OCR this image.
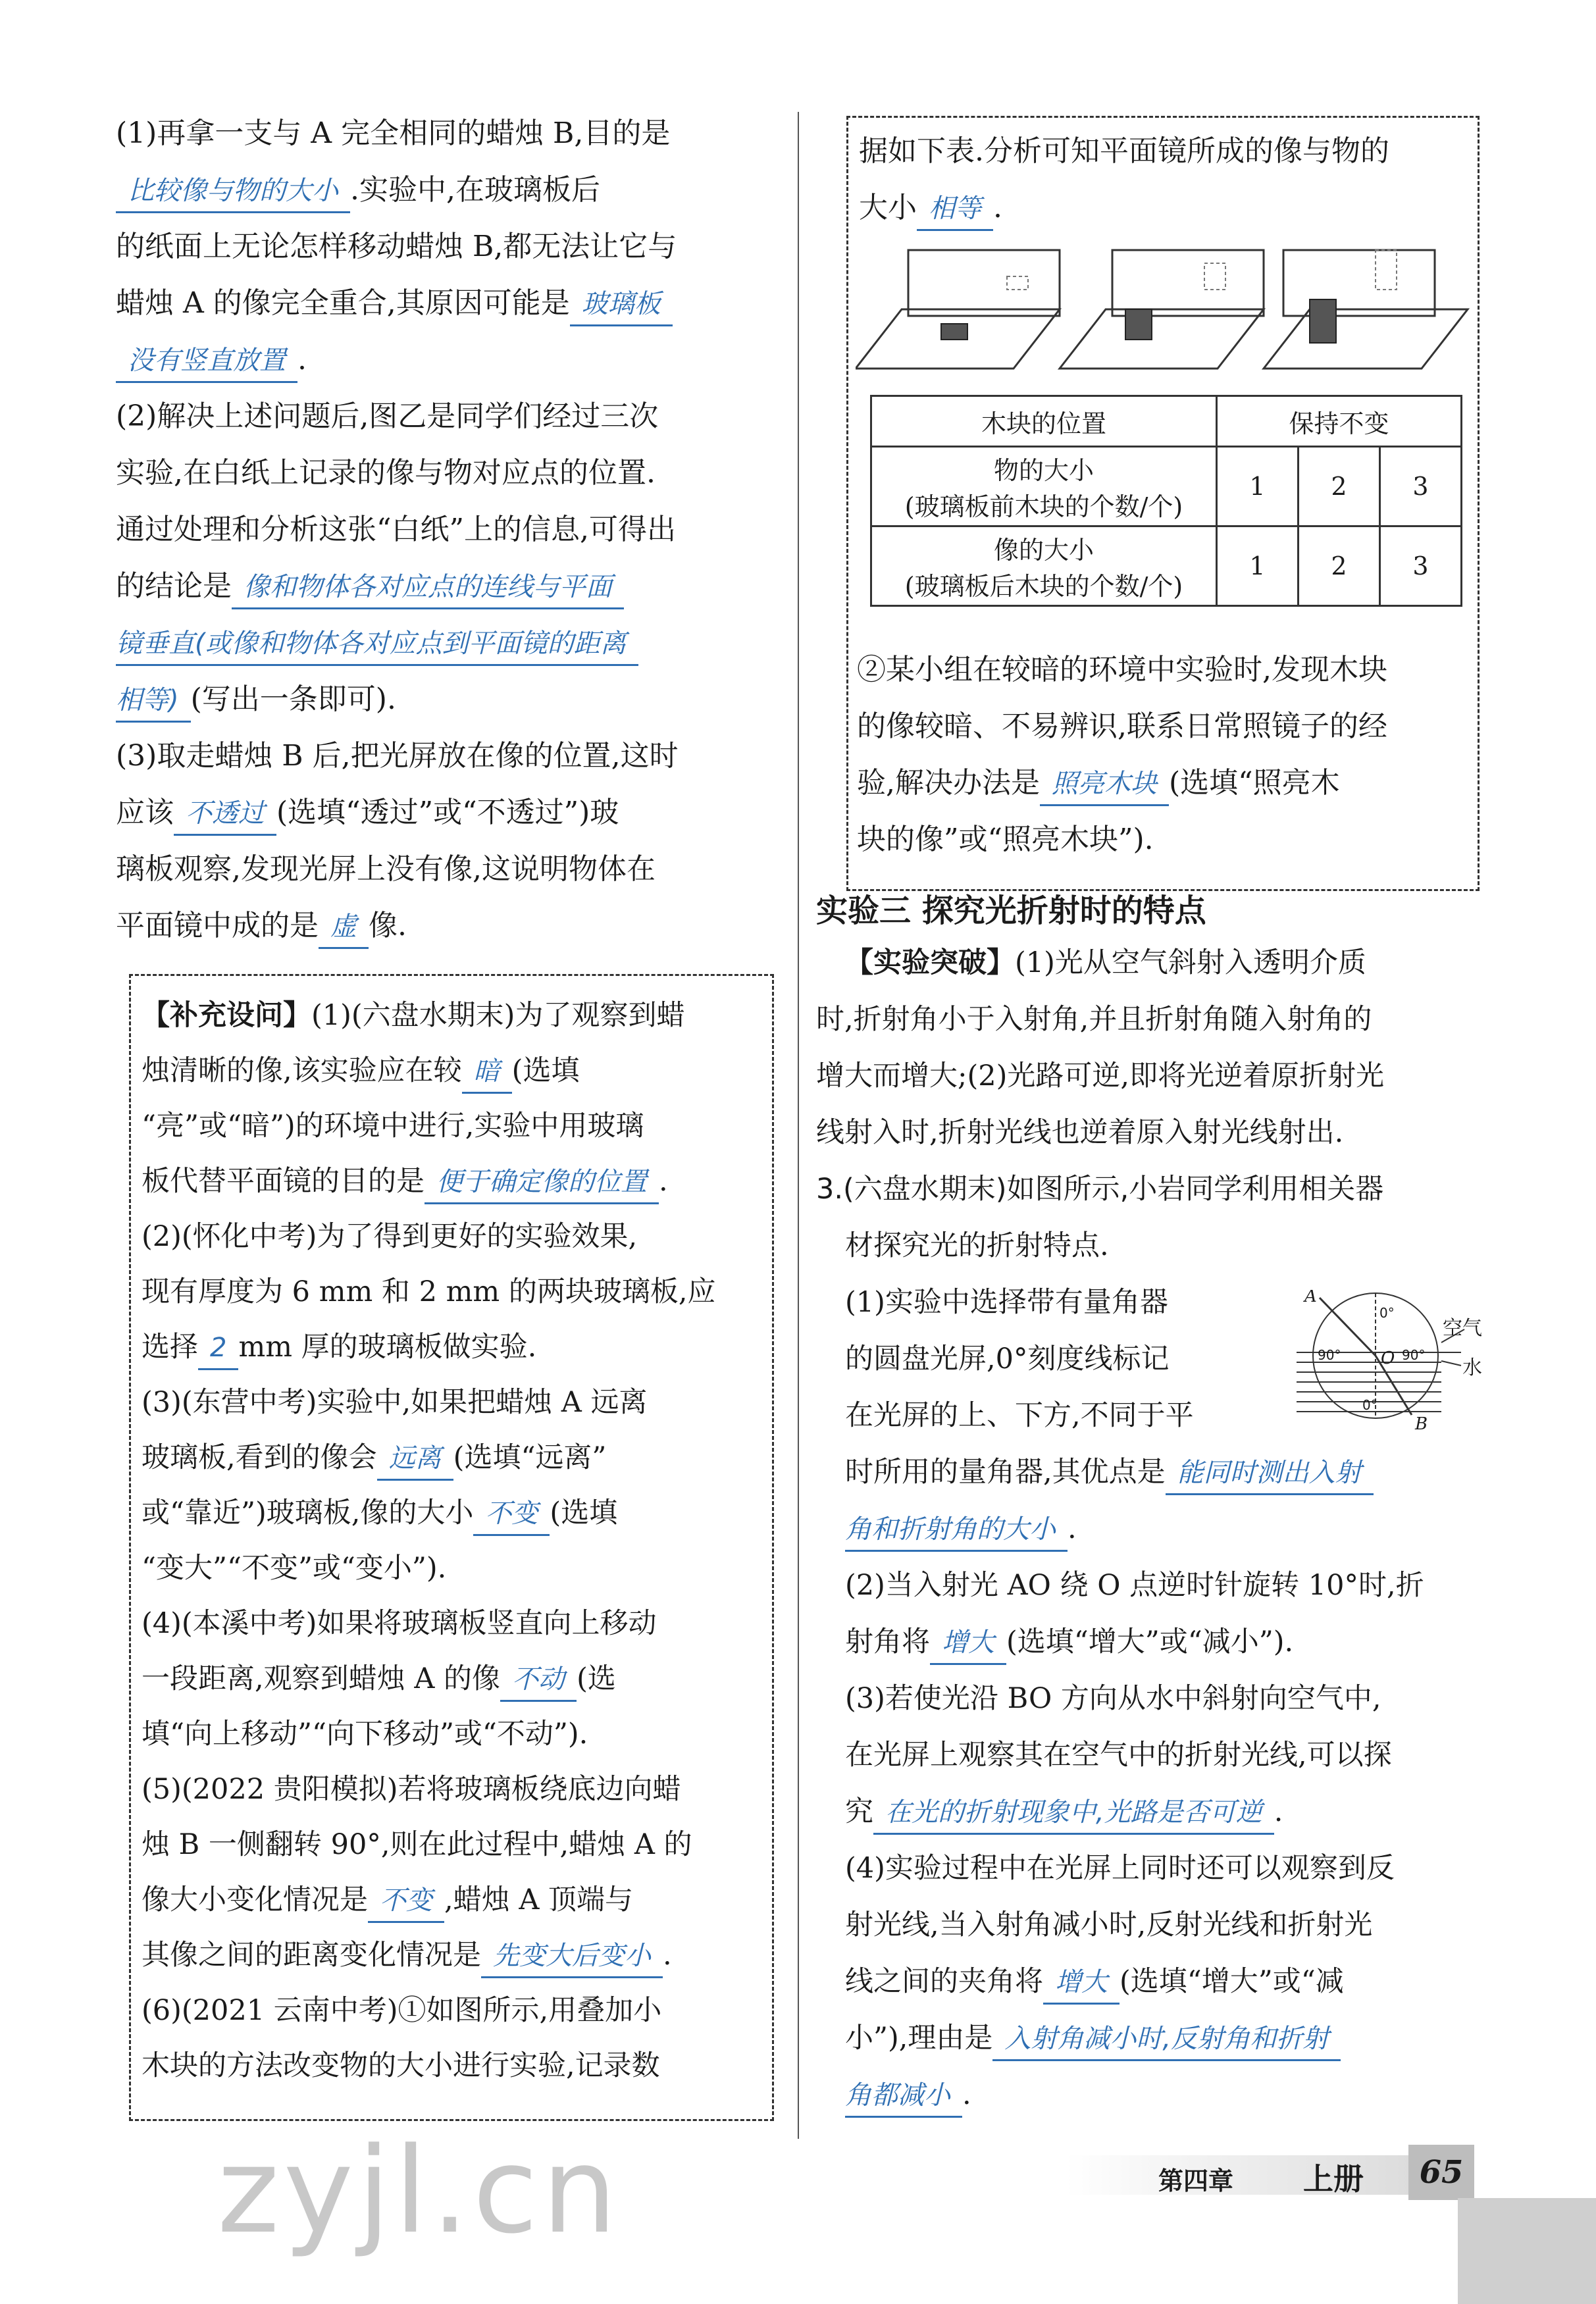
(1)再拿一支与 A 完全相同的蜡烛 B,目的是

比较像与物的大小 .实验中,在玻璃板后

的纸面上无论怎样移动蜡烛 B,都无法让它与

蜡烛 A 的像完全重合,其原因可能是 玻璃板

没有竖直放置 .

(2)解决上述问题后,图乙是同学们经过三次

实验,在白纸上记录的像与物对应点的位置.

通过处理和分析这张“白纸”上的信息,可得出

的结论是 像和物体各对应点的连线与平面

镜垂直(或像和物体各对应点到平面镜的距离

相等) (写出一条即可).

(3)取走蜡烛 B 后,把光屏放在像的位置,这时

应该 不透过 (选填“透过”或“不透过”)玻

璃板观察,发现光屏上没有像,这说明物体在

平面镜中成的是 虚 像.

【补充设问】(1)(六盘水期末)为了观察到蜡

烛清晰的像,该实验应在较 暗 (选填

“亮”或“暗”)的环境中进行,实验中用玻璃

板代替平面镜的目的是 便于确定像的位置 .

(2)(怀化中考)为了得到更好的实验效果,

现有厚度为 6 mm 和 2 mm 的两块玻璃板,应

选择 2 mm 厚的玻璃板做实验.

(3)(东营中考)实验中,如果把蜡烛 A 远离

玻璃板,看到的像会 远离 (选填“远离”

或“靠近”)玻璃板,像的大小 不变 (选填

“变大”“不变”或“变小”).

(4)(本溪中考)如果将玻璃板竖直向上移动

一段距离,观察到蜡烛 A 的像 不动 (选

填“向上移动”“向下移动”或“不动”).

(5)(2022 贵阳模拟)若将玻璃板绕底边向蜡

烛 B 一侧翻转 90°,则在此过程中,蜡烛 A 的

像大小变化情况是 不变 ,蜡烛 A 顶端与

其像之间的距离变化情况是 先变大后变小 .

(6)(2021 云南中考)①如图所示,用叠加小

木块的方法改变物的大小进行实验,记录数

据如下表.分析可知平面镜所成的像与物的

大小 相等 .

木块的位置	保持不变		

物的大小
(玻璃板前木块的个数/个)	1	2	3

像的大小
(玻璃板后木块的个数/个)	1	2	3

②某小组在较暗的环境中实验时,发现木块

的像较暗、不易辨识,联系日常照镜子的经

验,解决办法是 照亮木块 (选填“照亮木

块的像”或“照亮木块”).

实验三 探究光折射时的特点

【实验突破】(1)光从空气斜射入透明介质

时,折射角小于入射角,并且折射角随入射角的

增大而增大;(2)光路可逆,即将光逆着原折射光

线射入时,折射光线也逆着原入射光线射出.

3.(六盘水期末)如图所示,小岩同学利用相关器

材探究光的折射特点.

(1)实验中选择带有量角器

的圆盘光屏,0°刻度线标记

在光屏的上、下方,不同于平

时所用的量角器,其优点是 能同时测出入射

角和折射角的大小 .

(2)当入射光 AO 绕 O 点逆时针旋转 10°时,折

射角将 增大 (选填“增大”或“减小”).

(3)若使光沿 BO 方向从水中斜射向空气中,

在光屏上观察其在空气中的折射光线,可以探

究 在光的折射现象中,光路是否可逆 .

(4)实验过程中在光屏上同时还可以观察到反

射光线,当入射角减小时,反射光线和折射光

线之间的夹角将 增大 (选填“增大”或“减

小”),理由是 入射角减小时,反射角和折射

角都减小 .

A
O
B
0°
0°
90°	90°
空气
水
zyjl.cn	第四章 上册	65
